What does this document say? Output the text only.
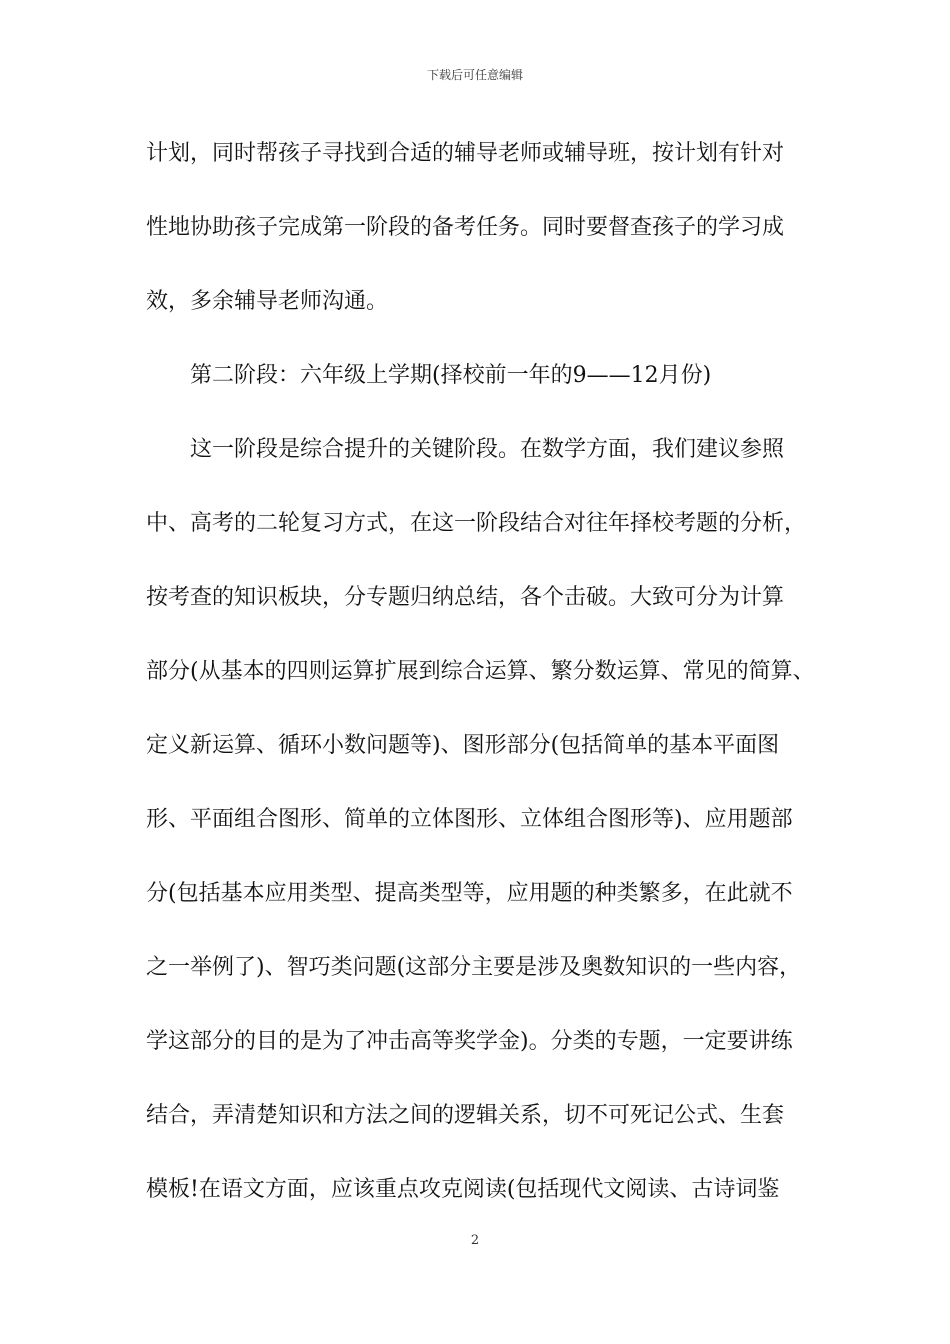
下载后可任意编辑
计划，同时帮孩子寻找到合适的辅导老师或辅导班，按计划有针对
性地协助孩子完成第一阶段的备考任务。同时要督查孩子的学习成
效，多余辅导老师沟通。
第二阶段：六年级上学期(择校前一年的9——12月份)
这一阶段是综合提升的关键阶段。在数学方面，我们建议参照
中、高考的二轮复习方式，在这一阶段结合对往年择校考题的分析，
按考查的知识板块，分专题归纳总结，各个击破。大致可分为计算
部分(从基本的四则运算扩展到综合运算、繁分数运算、常见的简算、
定义新运算、循环小数问题等)、图形部分(包括简单的基本平面图
形、平面组合图形、简单的立体图形、立体组合图形等)、应用题部
分(包括基本应用类型、提高类型等，应用题的种类繁多，在此就不
之一举例了)、智巧类问题(这部分主要是涉及奥数知识的一些内容，
学这部分的目的是为了冲击高等奖学金)。分类的专题，一定要讲练
结合，弄清楚知识和方法之间的逻辑关系，切不可死记公式、生套
模板!在语文方面，应该重点攻克阅读(包括现代文阅读、古诗词鉴
2
